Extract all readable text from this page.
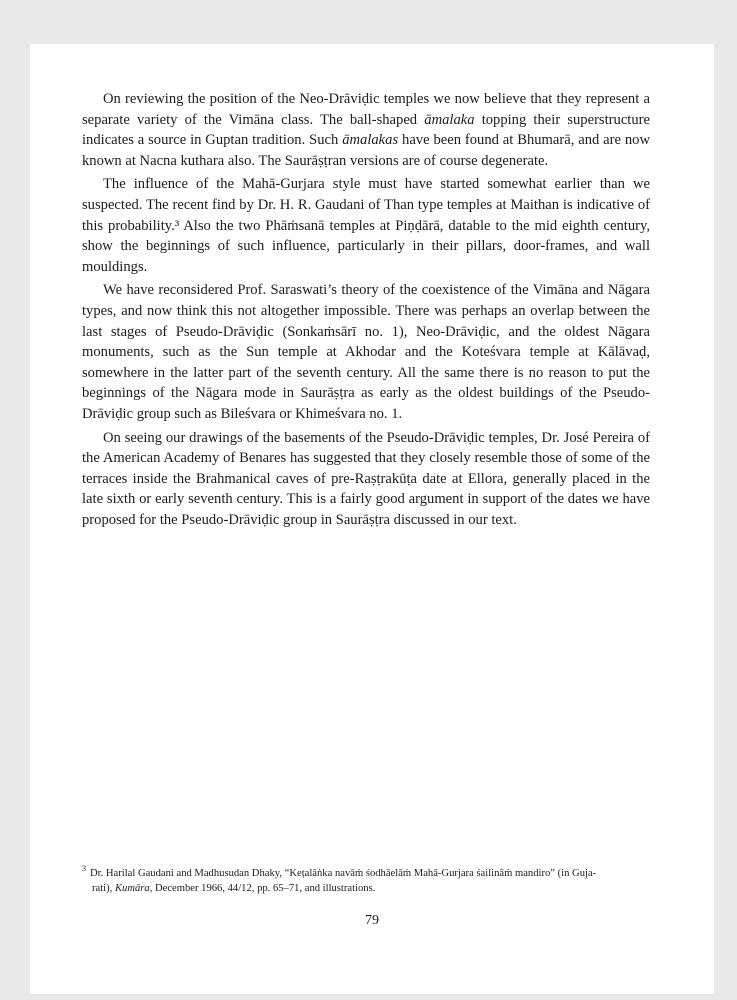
On reviewing the position of the Neo-Drāviḍic temples we now believe that they represent a separate variety of the Vimāna class. The ball-shaped āmalaka topping their superstructure indicates a source in Guptan tradition. Such āmalakas have been found at Bhumarā, and are now known at Nacna kuthara also. The Saurāṣṭran versions are of course degenerate.

The influence of the Mahā-Gurjara style must have started somewhat earlier than we suspected. The recent find by Dr. H. R. Gaudani of Than type temples at Maithan is indicative of this probability.³ Also the two Phāṁsanā temples at Piṇḍārā, datable to the mid eighth century, show the beginnings of such influence, particularly in their pillars, door-frames, and wall mouldings.

We have reconsidered Prof. Saraswati’s theory of the coexistence of the Vimāna and Nāgara types, and now think this not altogether impossible. There was perhaps an overlap between the last stages of Pseudo-Drāviḍic (Sonkaṁsārī no. 1), Neo-Drāviḍic, and the oldest Nāgara monuments, such as the Sun temple at Akhodar and the Koteśvara temple at Kālāvaḍ, somewhere in the latter part of the seventh century. All the same there is no reason to put the beginnings of the Nāgara mode in Saurāṣṭra as early as the oldest buildings of the Pseudo-Drāviḍic group such as Bileśvara or Khimeśvara no. 1.

On seeing our drawings of the basements of the Pseudo-Drāviḍic temples, Dr. José Pereira of the American Academy of Benares has suggested that they closely resemble those of some of the terraces inside the Brahmanical caves of pre-Raṣṭrakūṭa date at Ellora, generally placed in the late sixth or early seventh century. This is a fairly good argument in support of the dates we have proposed for the Pseudo-Drāviḍic group in Saurāṣṭra discussed in our text.

$^3$ Dr. Harilal Gaudani and Madhusudan Dhaky, “Keṭalāṅka navāṁ śodhāelāṁ Mahā-Gurjara śailināṁ mandiro” (in Guja-
rati), Kumāra, December 1966, 44/12, pp. 65–71, and illustrations.
79
